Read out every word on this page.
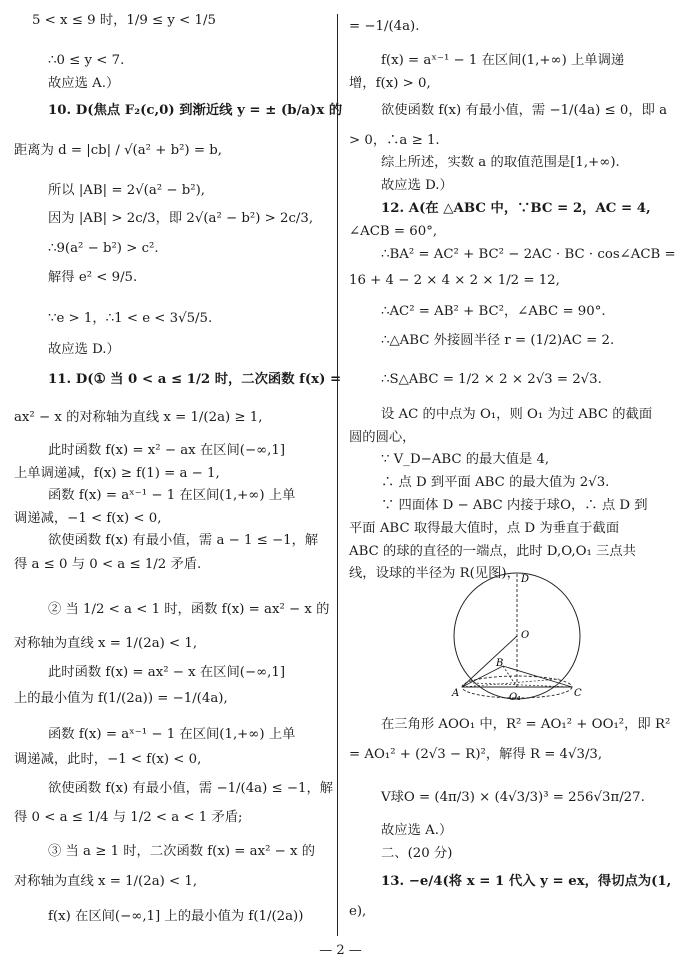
5 < x ≤ 9 时，1/9 ≤ y < 1/5
∴0 ≤ y < 7.
故应选 A.）
10. D(焦点 F₂(c,0) 到渐近线 y = ± (b/a)x 的
距离为 d = |cb| / √(a² + b²) = b,
所以 |AB| = 2√(a² − b²),
因为 |AB| > 2c/3，即 2√(a² − b²) > 2c/3,
∴9(a² − b²) > c².
解得 e² < 9/5.
∵e > 1，∴1 < e < 3√5/5.
故应选 D.）
11. D(① 当 0 < a ≤ 1/2 时，二次函数 f(x) =
ax² − x 的对称轴为直线 x = 1/(2a) ≥ 1,
此时函数 f(x) = x² − ax 在区间(−∞,1]
上单调递减，f(x) ≥ f(1) = a − 1,
函数 f(x) = aˣ⁻¹ − 1 在区间(1,+∞) 上单
调递减，−1 < f(x) < 0,
欲使函数 f(x) 有最小值，需 a − 1 ≤ −1，解
得 a ≤ 0 与 0 < a ≤ 1/2 矛盾.
② 当 1/2 < a < 1 时，函数 f(x) = ax² − x 的
对称轴为直线 x = 1/(2a) < 1,
此时函数 f(x) = ax² − x 在区间(−∞,1]
上的最小值为 f(1/(2a)) = −1/(4a),
函数 f(x) = aˣ⁻¹ − 1 在区间(1,+∞) 上单
调递减，此时，−1 < f(x) < 0,
欲使函数 f(x) 有最小值，需 −1/(4a) ≤ −1，解
得 0 < a ≤ 1/4 与 1/2 < a < 1 矛盾;
③ 当 a ≥ 1 时，二次函数 f(x) = ax² − x 的
对称轴为直线 x = 1/(2a) < 1,
f(x) 在区间(−∞,1] 上的最小值为 f(1/(2a))
= −1/(4a).
f(x) = aˣ⁻¹ − 1 在区间(1,+∞) 上单调递
增，f(x) > 0,
欲使函数 f(x) 有最小值，需 −1/(4a) ≤ 0，即 a
> 0，∴a ≥ 1.
综上所述，实数 a 的取值范围是[1,+∞).
故应选 D.）
12. A(在 △ABC 中，∵BC = 2，AC = 4,
∠ACB = 60°,
∴BA² = AC² + BC² − 2AC · BC · cos∠ACB =
16 + 4 − 2 × 4 × 2 × 1/2 = 12,
∴AC² = AB² + BC²，∠ABC = 90°.
∴△ABC 外接圆半径 r = (1/2)AC = 2.
∴S△ABC = 1/2 × 2 × 2√3 = 2√3.
设 AC 的中点为 O₁，则 O₁ 为过 ABC 的截面
圆的圆心，
∵ V_D−ABC 的最大值是 4,
∴ 点 D 到平面 ABC 的最大值为 2√3.
∵ 四面体 D − ABC 内接于球O，∴ 点 D 到
平面 ABC 取得最大值时，点 D 为垂直于截面
ABC 的球的直径的一端点，此时 D,O,O₁ 三点共
线，设球的半径为 R(见图)，
在三角形 AOO₁ 中，R² = AO₁² + OO₁²，即 R²
= AO₁² + (2√3 − R)²，解得 R = 4√3/3,
V球O = (4π/3) × (4√3/3)³ = 256√3π/27.
故应选 A.）
二、(20 分)
13. −e/4(将 x = 1 代入 y = ex，得切点为(1,
e),
D
O
B
A	O₁	C
— 2 —
